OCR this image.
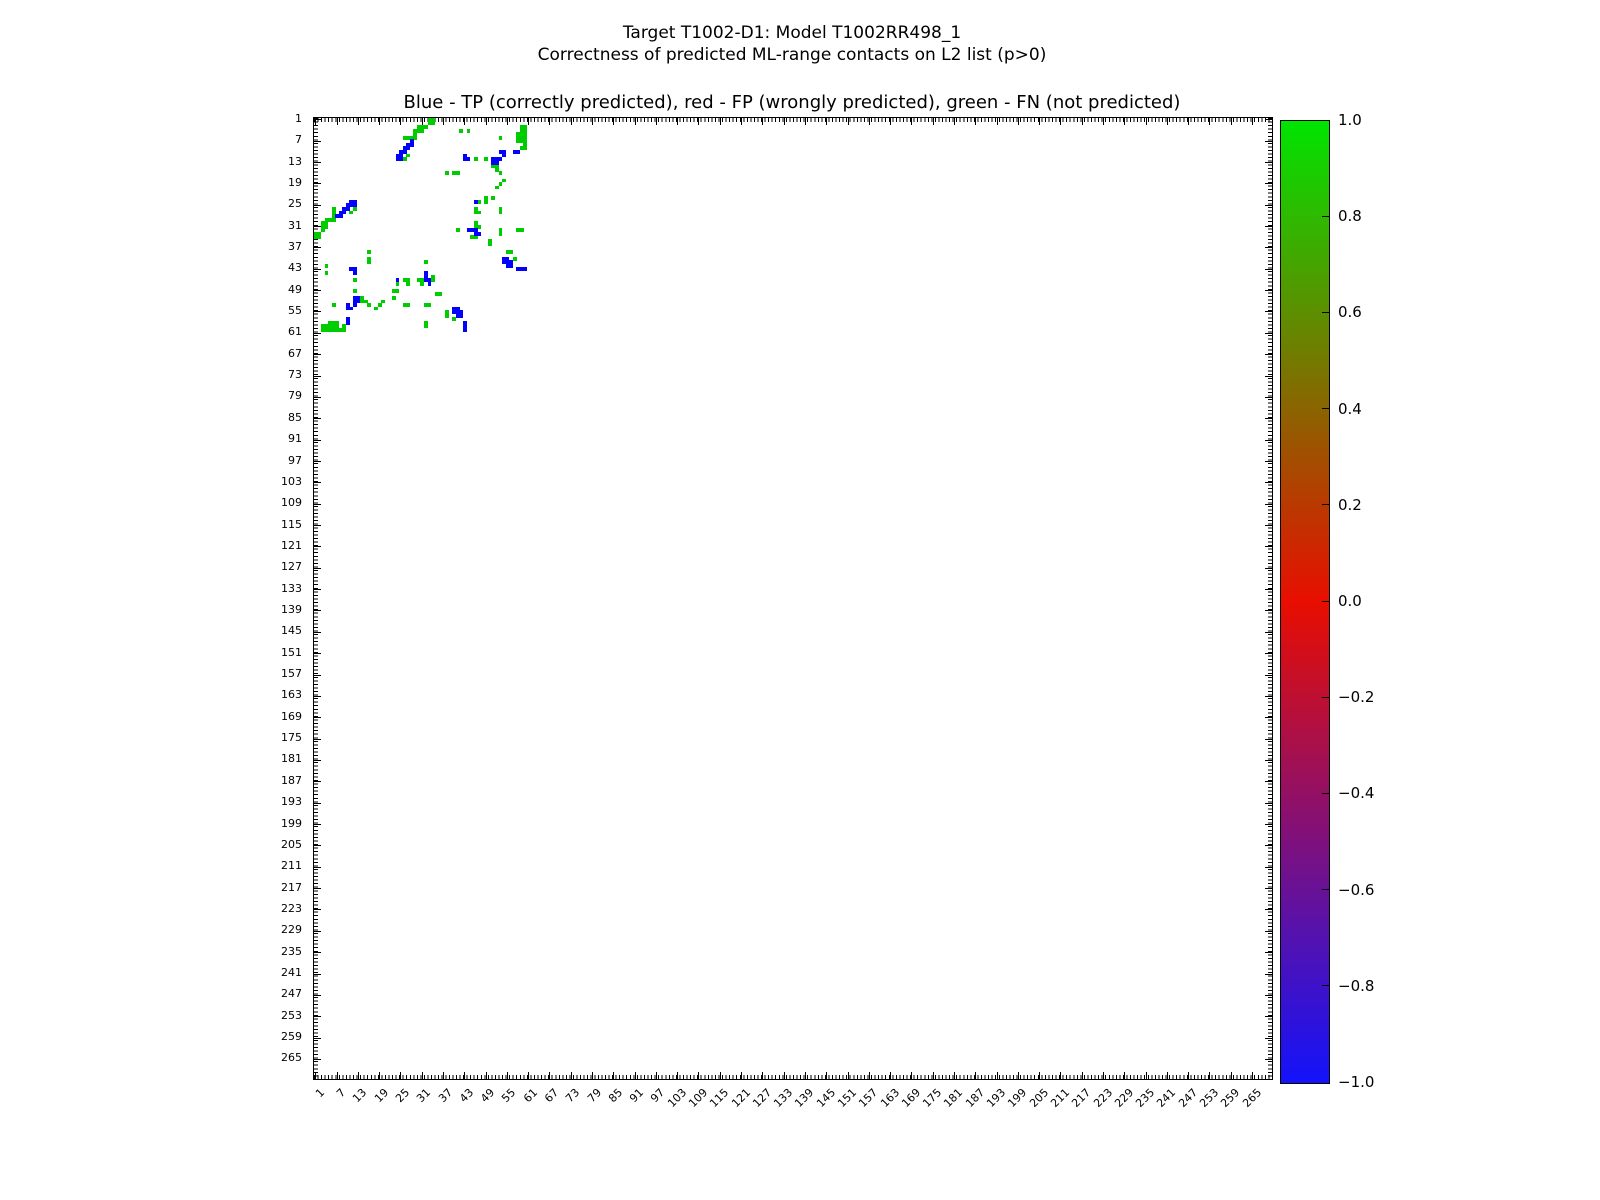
Target T1002-D1: Model T1002RR498_1
Correctness of predicted ML-range contacts on L2 list (p>0)
Blue - TP (correctly predicted), red - FP (wrongly predicted), green - FN (not predicted)
1
7
13
19
25
31
37
43
49
55
61
67
73
79
85
91
97
103
109
115
121
127
133
139
145
151
157
163
169
175
181
187
193
199
205
211
217
223
229
235
241
247
253
259
265
1 7 13 19 25 31 37 43 49 55 61 67 73 79 85 91 97
103
109
115
121
127
133
139
145
151
157
163
169
175
181
187
193
199
205
211
217
223
229
235
241
247
253
259
265
1.0
0.8
0.6
0.4
0.2
0.0
−0.2
−0.4
−0.6
−0.8
−1.0
